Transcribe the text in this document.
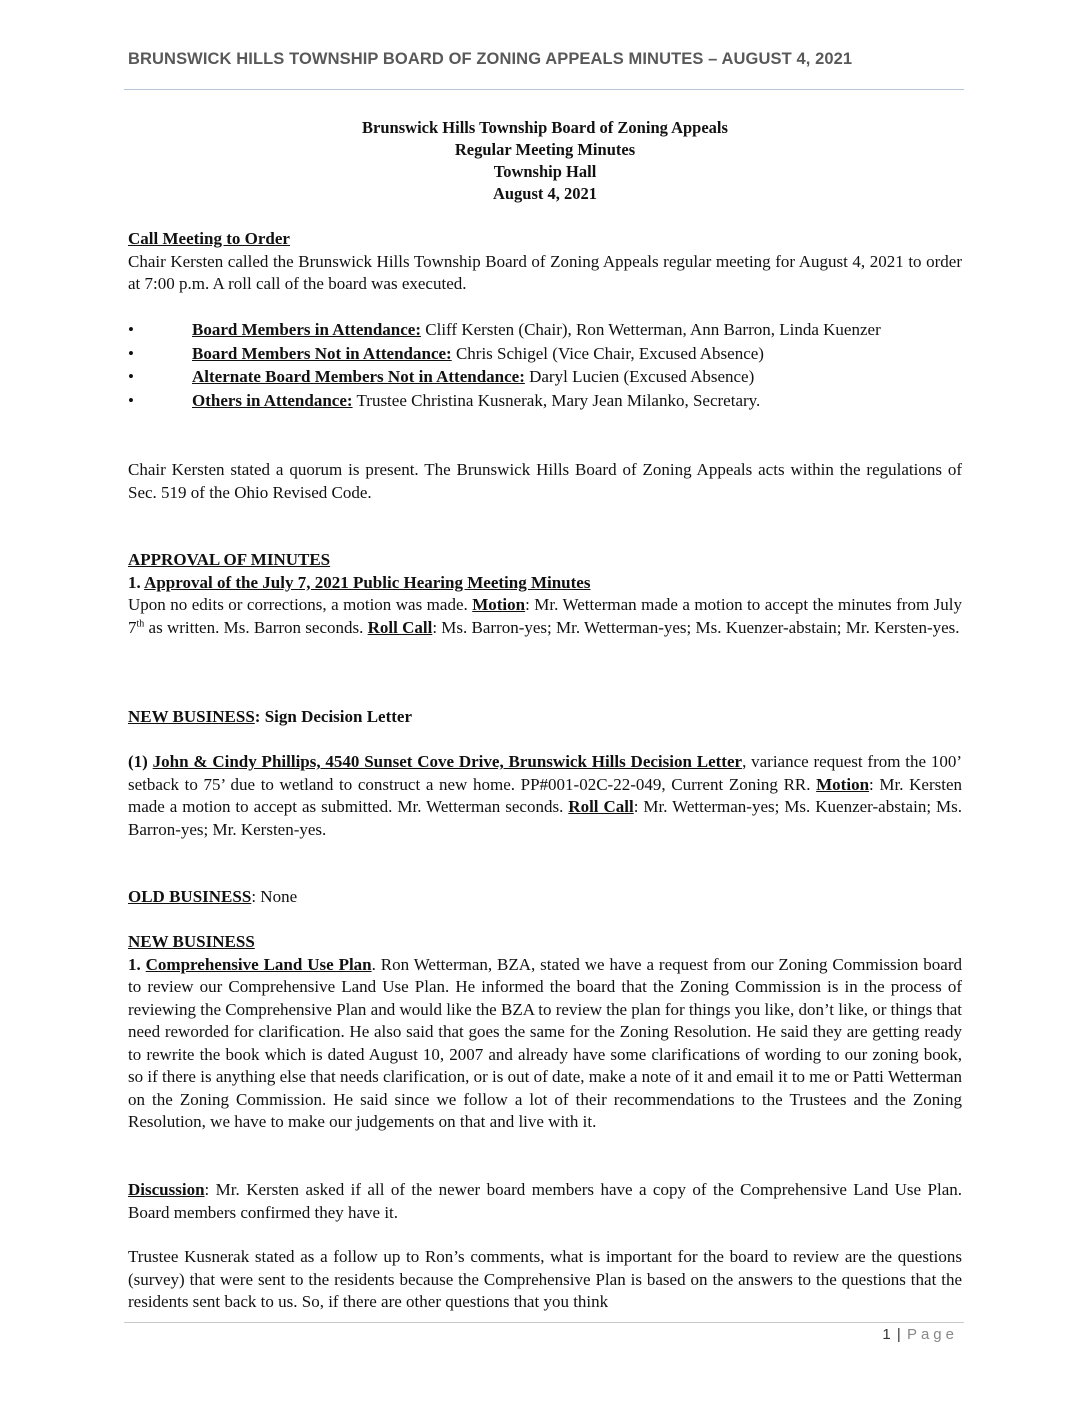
BRUNSWICK HILLS TOWNSHIP BOARD OF ZONING APPEALS MINUTES – AUGUST 4, 2021
Brunswick Hills Township Board of Zoning Appeals
Regular Meeting Minutes
Township Hall
August 4, 2021
Call Meeting to Order
Chair Kersten called the Brunswick Hills Township Board of Zoning Appeals regular meeting for August 4, 2021 to order at 7:00 p.m. A roll call of the board was executed.
• Board Members in Attendance: Cliff Kersten (Chair), Ron Wetterman, Ann Barron, Linda Kuenzer
• Board Members Not in Attendance: Chris Schigel (Vice Chair, Excused Absence)
• Alternate Board Members Not in Attendance: Daryl Lucien (Excused Absence)
• Others in Attendance: Trustee Christina Kusnerak, Mary Jean Milanko, Secretary.
Chair Kersten stated a quorum is present. The Brunswick Hills Board of Zoning Appeals acts within the regulations of Sec. 519 of the Ohio Revised Code.
APPROVAL OF MINUTES
1. Approval of the July 7, 2021 Public Hearing Meeting Minutes
Upon no edits or corrections, a motion was made. Motion: Mr. Wetterman made a motion to accept the minutes from July 7th as written. Ms. Barron seconds. Roll Call: Ms. Barron-yes; Mr. Wetterman-yes; Ms. Kuenzer-abstain; Mr. Kersten-yes.
NEW BUSINESS: Sign Decision Letter
(1) John & Cindy Phillips, 4540 Sunset Cove Drive, Brunswick Hills Decision Letter, variance request from the 100’ setback to 75’ due to wetland to construct a new home. PP#001-02C-22-049, Current Zoning RR. Motion: Mr. Kersten made a motion to accept as submitted. Mr. Wetterman seconds. Roll Call: Mr. Wetterman-yes; Ms. Kuenzer-abstain; Ms. Barron-yes; Mr. Kersten-yes.
OLD BUSINESS: None
NEW BUSINESS
1. Comprehensive Land Use Plan. Ron Wetterman, BZA, stated we have a request from our Zoning Commission board to review our Comprehensive Land Use Plan. He informed the board that the Zoning Commission is in the process of reviewing the Comprehensive Plan and would like the BZA to review the plan for things you like, don’t like, or things that need reworded for clarification. He also said that goes the same for the Zoning Resolution. He said they are getting ready to rewrite the book which is dated August 10, 2007 and already have some clarifications of wording to our zoning book, so if there is anything else that needs clarification, or is out of date, make a note of it and email it to me or Patti Wetterman on the Zoning Commission. He said since we follow a lot of their recommendations to the Trustees and the Zoning Resolution, we have to make our judgements on that and live with it.
Discussion: Mr. Kersten asked if all of the newer board members have a copy of the Comprehensive Land Use Plan. Board members confirmed they have it.
Trustee Kusnerak stated as a follow up to Ron’s comments, what is important for the board to review are the questions (survey) that were sent to the residents because the Comprehensive Plan is based on the answers to the questions that the residents sent back to us. So, if there are other questions that you think
1 | Page
